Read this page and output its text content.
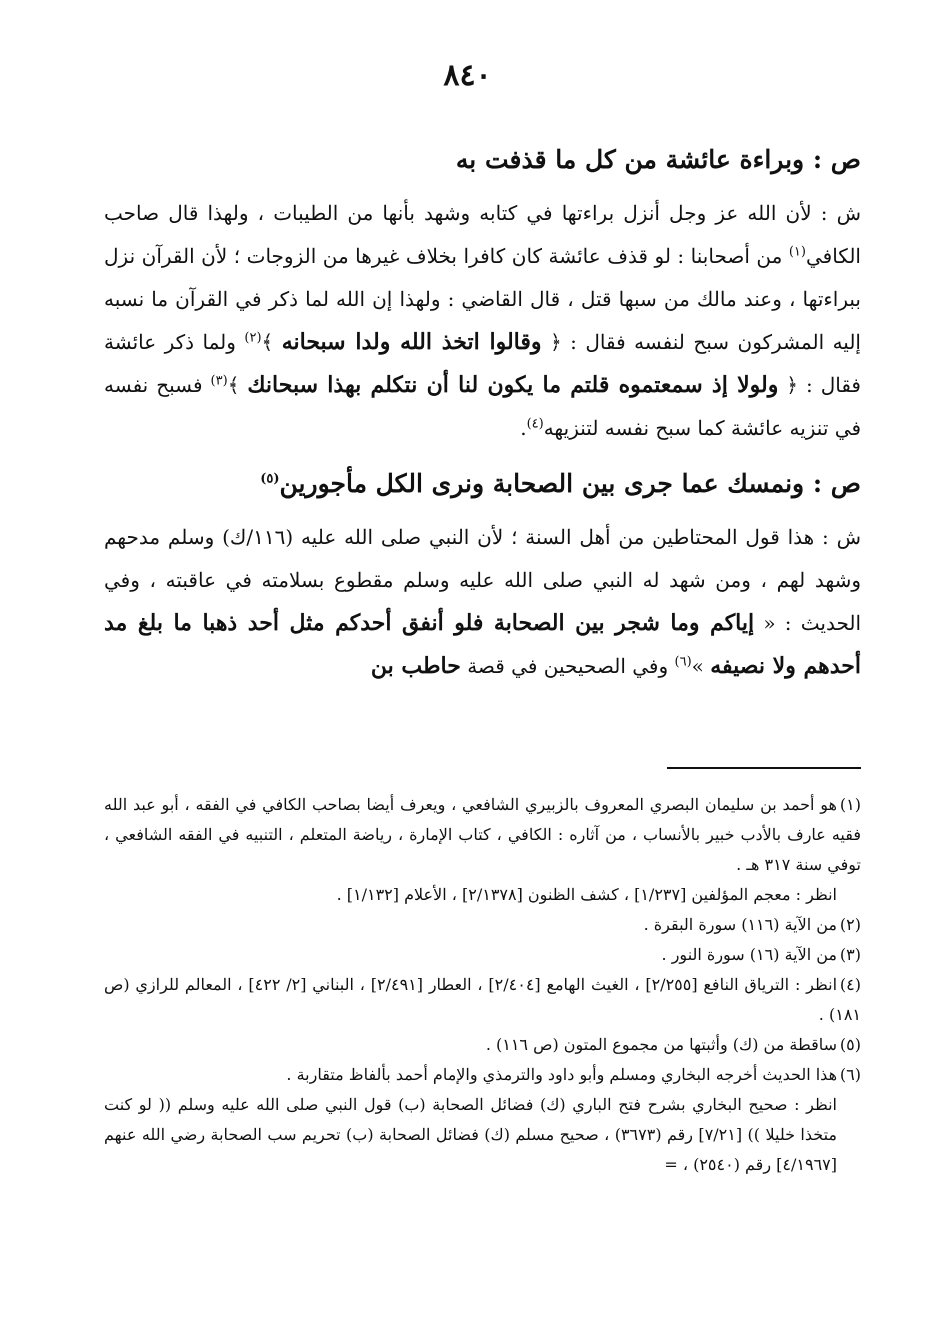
٨٤٠
ص : وبراءة عائشة من كل ما قذفت به
ش : لأن الله عز وجل أنزل براءتها في كتابه وشهد بأنها من الطيبات ، ولهذا قال صاحب الكافي$^{(١)}$ من أصحابنا : لو قذف عائشة كان كافرا بخلاف غيرها من الزوجات ؛ لأن القرآن نزل ببراءتها ، وعند مالك من سبها قتل ، قال القاضي : ولهذا إن الله لما ذكر في القرآن ما نسبه إليه المشركون سبح لنفسه فقال : ﴿ وقالوا اتخذ الله ولدا سبحانه ﴾$^{(٢)}$ ولما ذكر عائشة فقال : ﴿ ولولا إذ سمعتموه قلتم ما يكون لنا أن نتكلم بهذا سبحانك ﴾$^{(٣)}$ فسبح نفسه في تنزيه عائشة كما سبح نفسه لتنزيهه$^{(٤)}$.
ص : ونمسك عما جرى بين الصحابة ونرى الكل مأجورين$^{(٥)}$
ش : هذا قول المحتاطين من أهل السنة ؛ لأن النبي صلى الله عليه (١١٦/ك) وسلم مدحهم وشهد لهم ، ومن شهد له النبي صلى الله عليه وسلم مقطوع بسلامته في عاقبته ، وفي الحديث : « إياكم وما شجر بين الصحابة فلو أنفق أحدكم مثل أحد ذهبا ما بلغ مد أحدهم ولا نصيفه »$^{(٦)}$ وفي الصحيحين في قصة حاطب بن
(١)هو أحمد بن سليمان البصري المعروف بالزبيري الشافعي ، ويعرف أيضا بصاحب الكافي في الفقه ، أبو عبد الله فقيه عارف بالأدب خبير بالأنساب ، من آثاره : الكافي ، كتاب الإمارة ، رياضة المتعلم ، التنبيه في الفقه الشافعي ، توفي سنة ٣١٧ هـ .
انظر : معجم المؤلفين [١/٢٣٧] ، كشف الظنون [٢/١٣٧٨] ، الأعلام [١/١٣٢] .
(٢)من الآية (١١٦) سورة البقرة .
(٣)من الآية (١٦) سورة النور .
(٤)انظر : الترياق النافع [٢/٢٥٥] ، الغيث الهامع [٢/٤٠٤] ، العطار [٢/٤٩١] ، البناني [٢/ ٤٢٢] ، المعالم للرازي (ص ١٨١) .
(٥)ساقطة من (ك) وأثبتها من مجموع المتون (ص ١١٦) .
(٦)هذا الحديث أخرجه البخاري ومسلم وأبو داود والترمذي والإمام أحمد بألفاظ متقاربة .
انظر : صحيح البخاري بشرح فتح الباري (ك) فضائل الصحابة (ب) قول النبي صلى الله عليه وسلم (( لو كنت متخذا خليلا )) [٧/٢١] رقم (٣٦٧٣) ، صحيح مسلم (ك) فضائل الصحابة (ب) تحريم سب الصحابة رضي الله عنهم [٤/١٩٦٧] رقم (٢٥٤٠) ، =
